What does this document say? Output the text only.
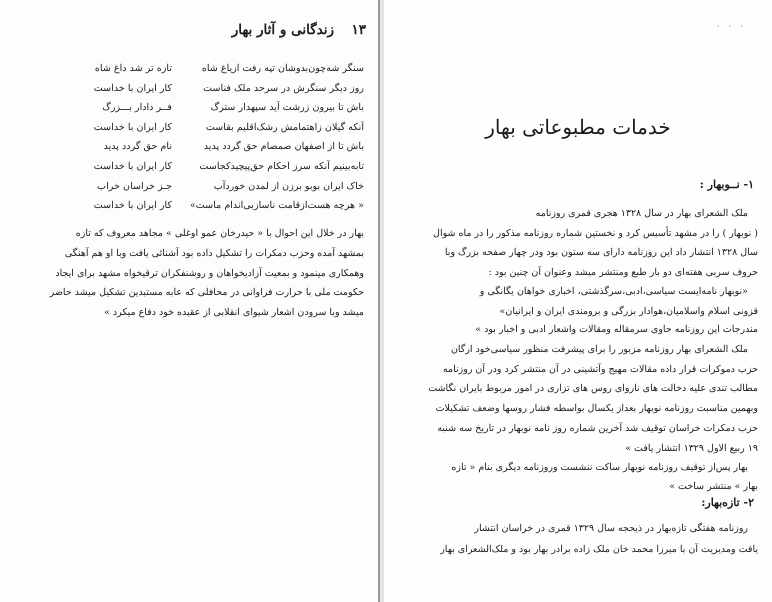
۱۳
زندگانی و آثار بهار
سنگر شه‌چون‌بدوشان تپه رفت ازیاغ شاه
تازه تر شد داغ شاه
روز دیگر سنگرش در سرحد ملک فناست
کار ایران با خداست
باش تا بیرون زرشت آید سپهدار سترگ
فــر دادار بـــزرگ
آنکه گیلان زاهتمامش رشک‌اقلیم بقاست
کار ایران با خداست
باش تا از اصفهان صمصام حق گردد پدید
نام حق گردد پدید
تابه‌بینیم آنکه سرز احکام حق‌پیچیدکجاست
کار ایران با خداست
خاک ایران بوبو برزن از لمدن خوردآب
جـز خراسان خراب
« هرچه هست‌ازقامت ناسازبی‌اندام ماست»
کار ایران با خداست
بهار در خلال این احوال با « حیدرخان عمو اوغلی » مجاهد معروف که تازه
بمشهد آمده وحزب دمکرات را تشکیل داده بود آشنائی یافت وبا او هم آهنگی
وهمکاری مینمود و بمعیت آزادیخواهان و روشنفکران ترقیخواه مشهد برای ایجاد
حکومت ملی با حرارت فراوانی در محافلی که عابه مستبدین تشکیل میشد حاضر
میشد وبا سرودن اشعار شیوای انقلابی از عقیده خود دفاع میکرد »
· · ·
خدمات مطبوعاتی بهار
۱- نــوبهار :
ملک الشعرای بهار در سال ۱۳۲۸ هجری قمری روزنامه
( نوبهار ) را در مشهد تأسیس کرد و نخستین شماره روزنامه مذکور را در ماه شوال
سال ۱۳۲۸ انتشار داد این روزنامه دارای سه ستون بود ودر چهار صفحه بزرگ وبا
حروف سربی هفته‌ای دو بار طبع ومنتشر میشد وعنوان آن چنین بود :
«نوبهار نامه‌ایست سیاسی،ادبی،سرگذشتی، اخباری خواهان یگانگی و
قزونی اسلام واسلامیان،هوادار بزرگی و برومندی ایران و ایرانیان»
مندرجات این روزنامه حاوی سرمقاله ومقالات واشعار ادبی و اخبار بود »
ملک الشعرای بهار روزنامه مزبور را برای پیشرفت منظور سیاسی‌خود ارگان
حزب دموکرات قرار داده مقالات مهیج وآتشینی در آن منتشر کرد ودر آن روزنامه
مطالب تندی علیه دخالت های ناروای روس های تزاری در امور مربوط بایران نگاشت
وبهمین مناسبت روزنامه نوبهار بعداز یکسال بواسطه فشار روسها وضعف تشکیلات
حزب دمکرات خراسان توقیف شد آخرین شماره روز نامه نوبهار در تاریخ سه شنبه
۱۹ ربیع الاول ۱۳۲۹ انتشار یافت »
بهار پس‌از توقیف روزنامه نوبهار ساکت ننشست وروزنامه دیگری بنام « تازه
بهار » منتشر ساخت »
۲- تازه‌بهار:
روزنامه هفتگی تازه‌بهار در ذیحجه سال ۱۳۲۹ قمری در خراسان انتشار
یافت ومدیریت آن با میرزا محمد خان ملک زاده برادر بهار بود و ملک‌الشعرای بهار
